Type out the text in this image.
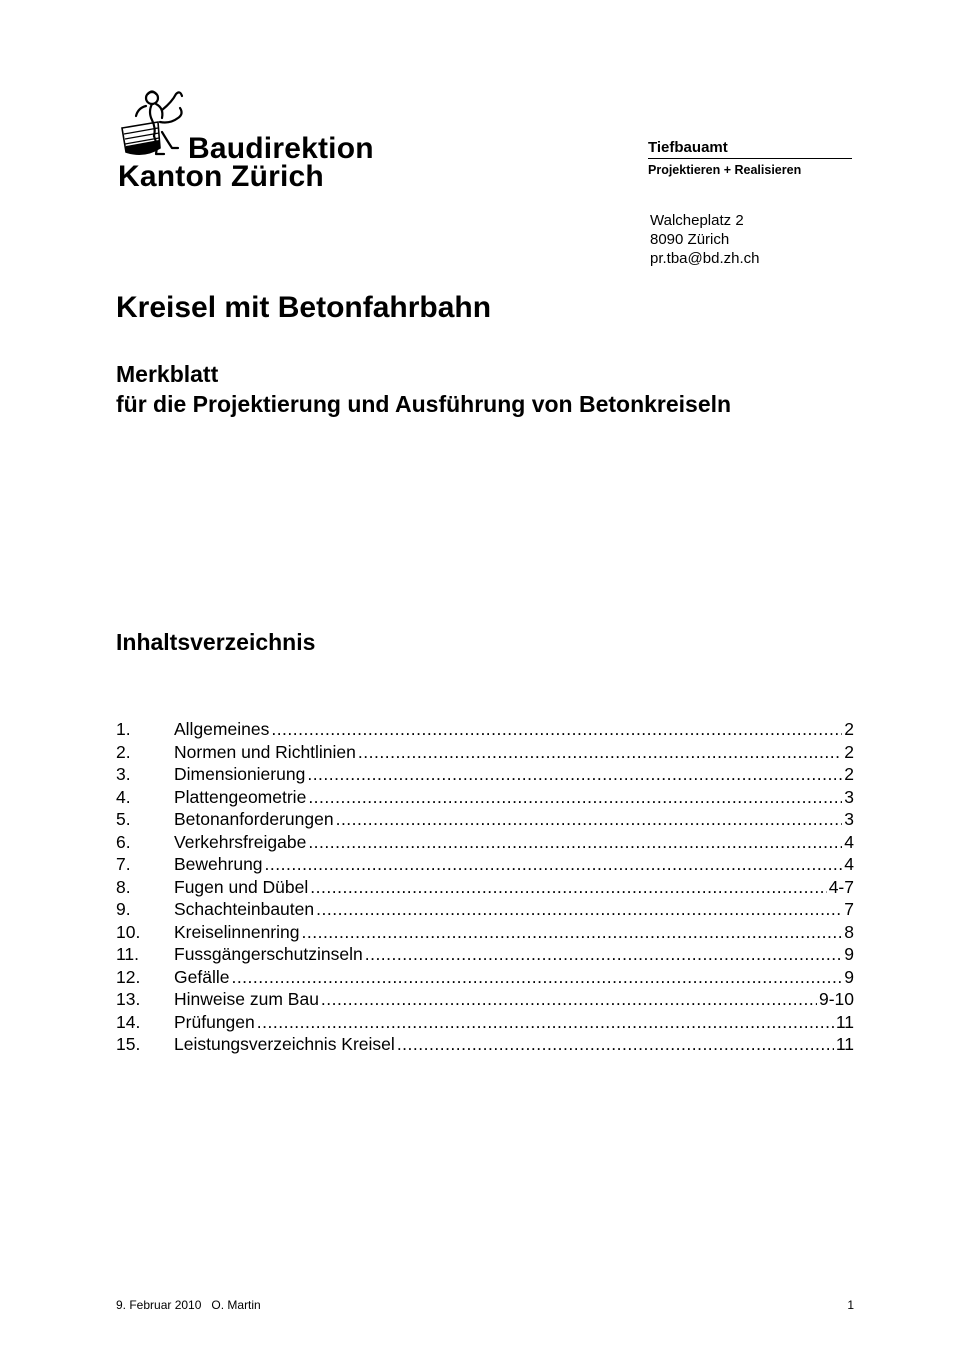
Baudirektion
Kanton Zürich
Tiefbauamt
Projektieren + Realisieren
Walcheplatz 2
8090 Zürich
pr.tba@bd.zh.ch
Kreisel mit Betonfahrbahn
Merkblatt
für die Projektierung und Ausführung von Betonkreiseln
Inhaltsverzeichnis
1.	Allgemeines .....	2
2.	Normen und Richtlinien .....	2
3.	Dimensionierung .....	2
4.	Plattengeometrie .....	3
5.	Betonanforderungen .....	3
6.	Verkehrsfreigabe .....	4
7.	Bewehrung .....	4
8.	Fugen und Dübel .....	4-7
9.	Schachteinbauten .....	7
10.	Kreiselinnenring .....	8
11.	Fussgängerschutzinseln .....	9
12.	Gefälle .....	9
13.	Hinweise zum Bau .....	9-10
14.	Prüfungen .....	11
15.	Leistungsverzeichnis Kreisel .....	11
9. Februar 2010 O. Martin	1
